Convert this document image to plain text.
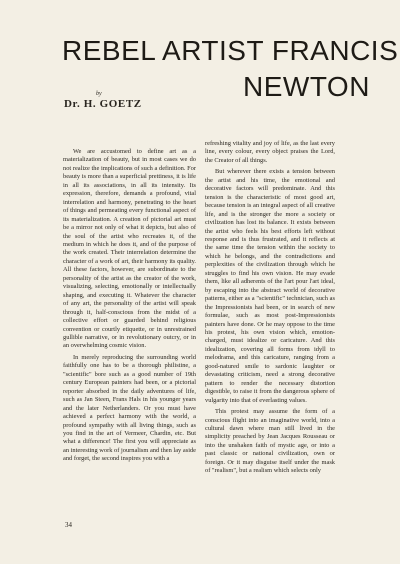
REBEL ARTIST FRANCIS
NEWTON
by
Dr. H. GOETZ

We are accustomed to define art as a materialization of beauty, but in most cases we do not realize the implications of such a definition. For beauty is more than a superficial prettiness, it is life in all its associations, in all its intensity. Its expression, therefore, demands a profound, vital interrelation and harmony, penetrating to the heart of things and permeating every functional aspect of its materialization. A creation of pictorial art must be a mirror not only of what it depicts, but also of the soul of the artist who recreates it, of the medium in which he does it, and of the purpose of the work created. Their interrelation determine the character of a work of art, their harmony its quality. All these factors, however, are subordinate to the personality of the artist as the creator of the work, visualizing, selecting, emotionally or intellectually shaping, and executing it. Whatever the character of any art, the personality of the artist will speak through it, half-conscious from the midst of a collective effort or guarded behind religious convention or courtly etiquette, or in unrestrained gullible narrative, or in revolutionary outcry, or in an overwhelming cosmic vision.

In merely reproducing the surrounding world faithfully one has to be a thorough philistine, a "scientific" bore such as a good number of 19th century European painters had been, or a pictorial reporter absorbed in the daily adventures of life, such as Jan Steen, Frans Hals in his younger years and the later Netherlanders. Or you must have achieved a perfect harmony with the world, a profound sympathy with all living things, such as you find in the art of Vermeer, Chardin, etc. But what a difference! The first you will appreciate as an interesting work of journalism and then lay aside and forget, the second inspires you with a

refreshing vitality and joy of life, as the last every line, every colour, every object praises the Lord, the Creator of all things.

But wherever there exists a tension between the artist and his time, the emotional and decorative factors will predominate. And this tension is the characteristic of most good art, because tension is an integral aspect of all creative life, and is the stronger the more a society or civilization has lost its balance. It exists between the artist who feels his best efforts left without response and is thus frustrated, and it reflects at the same time the tension within the society to which he belongs, and the contradictions and perplexities of the civilization through which he struggles to find his own vision. He may evade them, like all adherents of the l'art pour l'art ideal, by escaping into the abstract world of decorative patterns, either as a "scientific" technician, such as the Impressionists had been, or in search of new formulae, such as most post-Impressionists painters have done. Or he may oppose to the time his protest, his own vision which, emotion-charged, must idealize or caricature. And this idealization, covering all forms from idyll to melodrama, and this caricature, ranging from a good-natured smile to sardonic laughter or devastating criticism, need a strong decorative pattern to render the necessary distortion digestible, to raise it from the dangerous sphere of vulgarity into that of everlasting values.

This protest may assume the form of a conscious flight into an imaginative world, into a cultural dawn where man still lived in the simplicity preached by Jean Jacques Rousseau or into the unshaken faith of mystic age, or into a past classic or national civilization, own or foreign. Or it may disguise itself under the mask of "realism", but a realism which selects only

34
